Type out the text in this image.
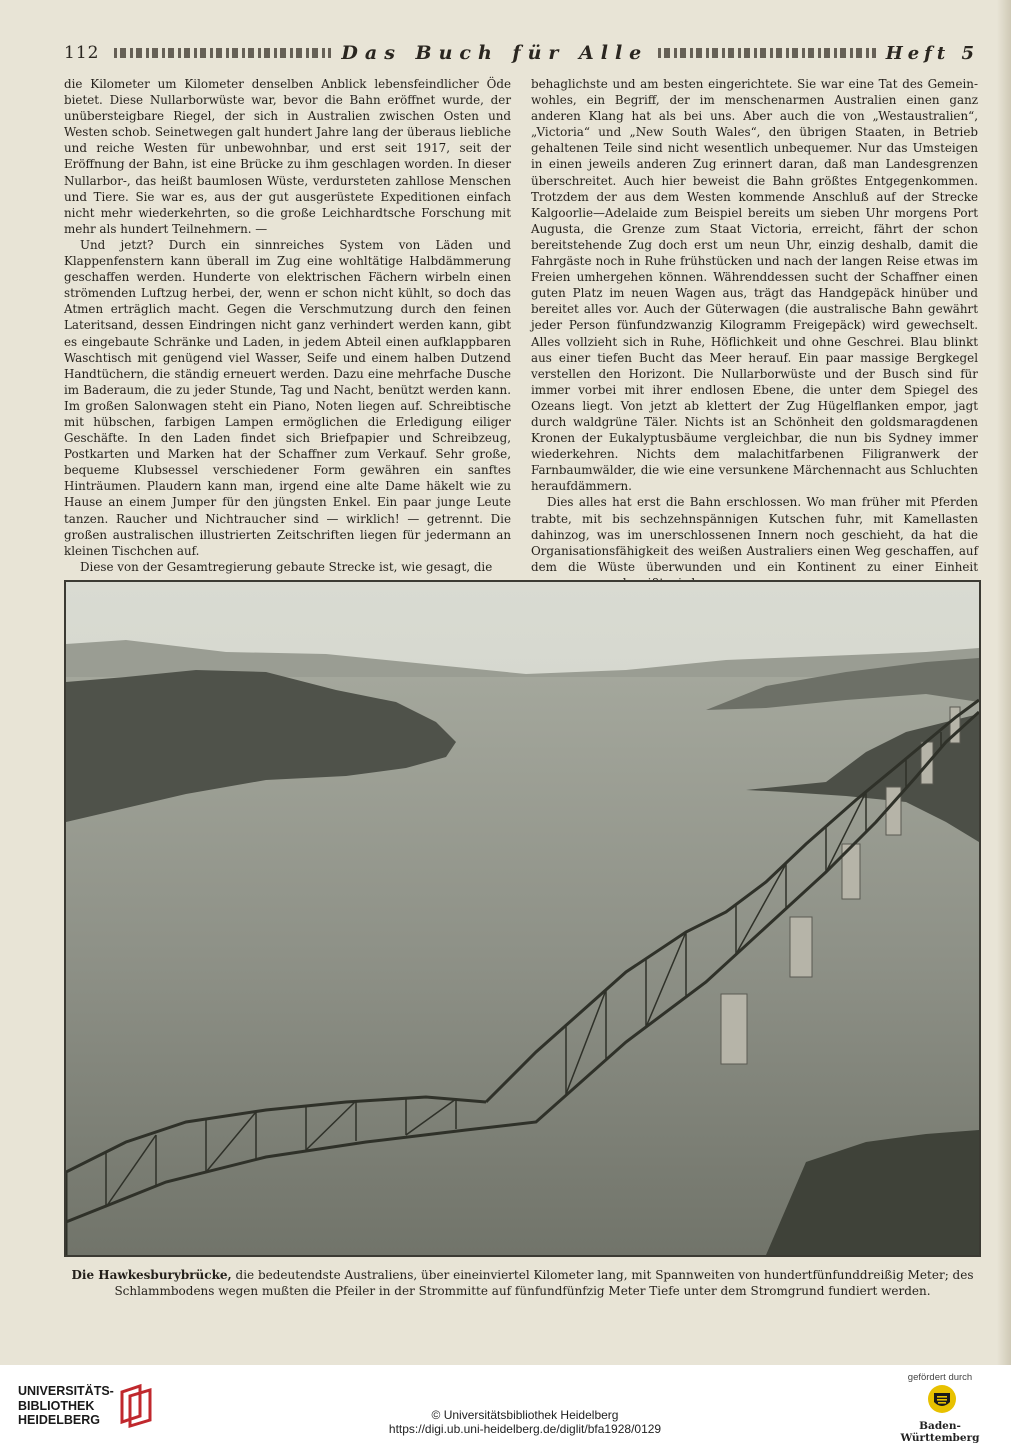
112	Das Buch für Alle	Heft 5

die Kilometer um Kilometer denselben Anblick lebensfeindlicher Öde bietet. Diese Nullarborwüste war, bevor die Bahn eröffnet wurde, der unübersteigbare Riegel, der sich in Australien zwischen Osten und Westen schob. Seinetwegen galt hundert Jahre lang der überaus liebliche und reiche Westen für unbewohnbar, und erst seit 1917, seit der Eröffnung der Bahn, ist eine Brücke zu ihm geschlagen worden. In dieser Nullarbor-, das heißt baumlosen Wüste, verdursteten zahllose Menschen und Tiere. Sie war es, aus der gut ausgerüstete Expeditionen einfach nicht mehr wiederkehrten, so die große Leichhardtsche Forschung mit mehr als hundert Teilnehmern. —

Und jetzt? Durch ein sinnreiches System von Läden und Klappenfenstern kann überall im Zug eine wohltätige Halbdämmerung geschaffen werden. Hunderte von elektrischen Fächern wirbeln einen strömenden Luftzug herbei, der, wenn er schon nicht kühlt, so doch das Atmen erträglich macht. Gegen die Verschmutzung durch den feinen Lateritsand, dessen Eindringen nicht ganz verhindert werden kann, gibt es eingebaute Schränke und Laden, in jedem Abteil einen aufklappbaren Waschtisch mit genügend viel Wasser, Seife und einem halben Dutzend Handtüchern, die ständig erneuert werden. Dazu eine mehrfache Dusche im Baderaum, die zu jeder Stunde, Tag und Nacht, benützt werden kann. Im großen Salonwagen steht ein Piano, Noten liegen auf. Schreibtische mit hübschen, farbigen Lampen ermöglichen die Erledigung eiliger Geschäfte. In den Laden findet sich Briefpapier und Schreibzeug, Postkarten und Marken hat der Schaffner zum Verkauf. Sehr große, bequeme Klubsessel verschiedener Form gewähren ein sanftes Hinträumen. Plaudern kann man, irgend eine alte Dame häkelt wie zu Hause an einem Jumper für den jüngsten Enkel. Ein paar junge Leute tanzen. Raucher und Nichtraucher sind — wirklich! — getrennt. Die großen australischen illustrierten Zeitschriften liegen für jedermann an kleinen Tischchen auf.

Diese von der Gesamtregierung gebaute Strecke ist, wie gesagt, die

behaglichste und am besten eingerichtete. Sie war eine Tat des Gemeinwohles, ein Begriff, der im menschenarmen Australien einen ganz anderen Klang hat als bei uns. Aber auch die von „Westaustralien“, „Victoria“ und „New South Wales“, den übrigen Staaten, in Betrieb gehaltenen Teile sind nicht wesentlich unbequemer. Nur das Umsteigen in einen jeweils anderen Zug erinnert daran, daß man Landesgrenzen überschreitet. Auch hier beweist die Bahn größtes Entgegenkommen. Trotzdem der aus dem Westen kommende Anschluß auf der Strecke Kalgoorlie—Adelaide zum Beispiel bereits um sieben Uhr morgens Port Augusta, die Grenze zum Staat Victoria, erreicht, fährt der schon bereitstehende Zug doch erst um neun Uhr, einzig deshalb, damit die Fahrgäste noch in Ruhe frühstücken und nach der langen Reise etwas im Freien umhergehen können. Währenddessen sucht der Schaffner einen guten Platz im neuen Wagen aus, trägt das Handgepäck hinüber und bereitet alles vor. Auch der Güterwagen (die australische Bahn gewährt jeder Person fünfundzwanzig Kilogramm Freigepäck) wird gewechselt. Alles vollzieht sich in Ruhe, Höflichkeit und ohne Geschrei. Blau blinkt aus einer tiefen Bucht das Meer herauf. Ein paar massige Bergkegel verstellen den Horizont. Die Nullarborwüste und der Busch sind für immer vorbei mit ihrer endlosen Ebene, die unter dem Spiegel des Ozeans liegt. Von jetzt ab klettert der Zug Hügelflanken empor, jagt durch waldgrüne Täler. Nichts ist an Schönheit den goldsmaragdenen Kronen der Eukalyptusbäume vergleichbar, die nun bis Sydney immer wiederkehren. Nichts dem malachitfarbenen Filigranwerk der Farnbaumwälder, die wie eine versunkene Märchennacht aus Schluchten heraufdämmern.

Dies alles hat erst die Bahn erschlossen. Wo man früher mit Pferden trabte, mit bis sechzehnspännigen Kutschen fuhr, mit Kamellasten dahinzog, was im unerschlossenen Innern noch geschieht, da hat die Organisationsfähigkeit des weißen Australiers einen Weg geschaffen, auf dem die Wüste überwunden und ein Kontinent zu einer Einheit

Die Hawkesburybrücke, die bedeutendste Australiens, über eineinviertel Kilometer lang, mit Spannweiten von hundertfünfunddreißig Meter; des Schlammbodens wegen mußten die Pfeiler in der Strommitte auf fünfundfünfzig Meter Tiefe unter dem Stromgrund fundiert werden.
UNIVERSITÄTS-
BIBLIOTHEK
HEIDELBERG	© Universitätsbibliothek Heidelberg
https://digi.ub.uni-heidelberg.de/diglit/bfa1928/0129
gefördert durch
Baden-Württemberg
